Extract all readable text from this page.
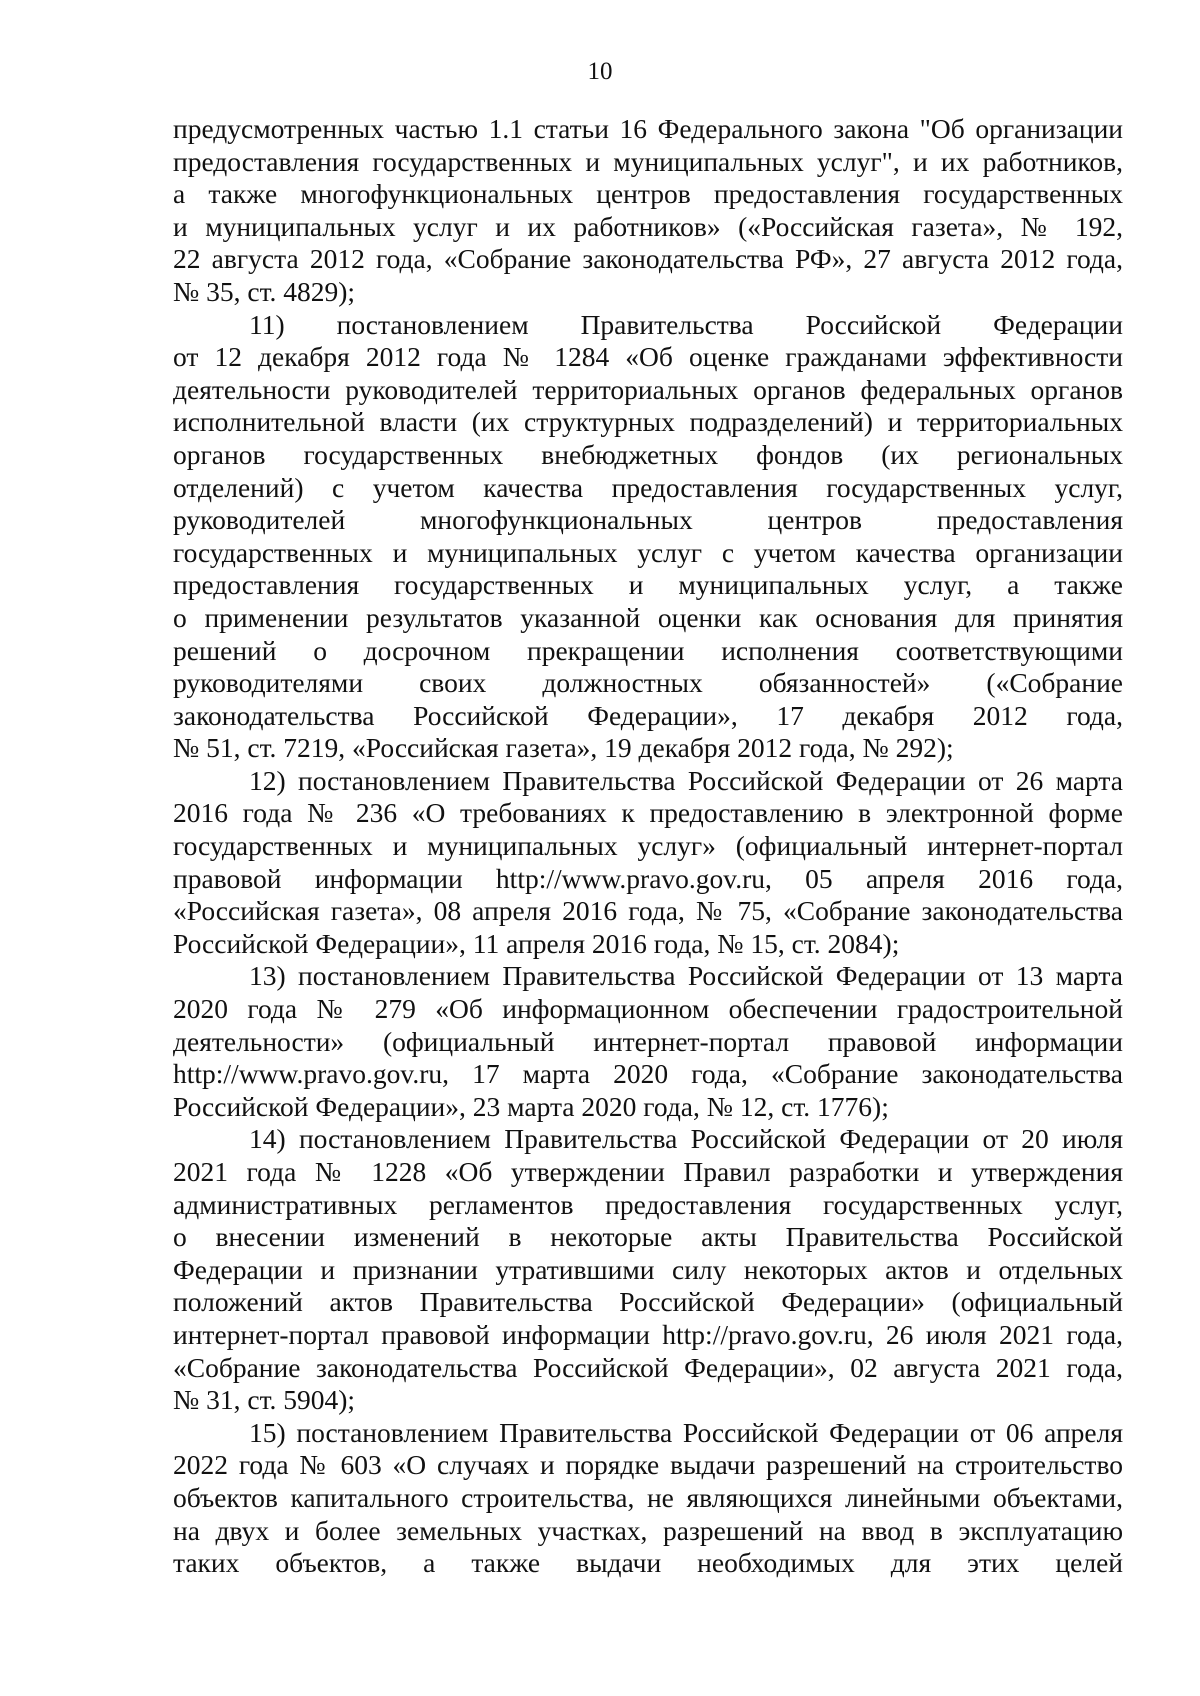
10
предусмотренных частью 1.1 статьи 16 Федерального закона "Об организации
предоставления государственных и муниципальных услуг", и их работников,
а также многофункциональных центров предоставления государственных
и муниципальных услуг и их работников» («Российская газета», № 192,
22 августа 2012 года, «Собрание законодательства РФ», 27 августа 2012 года,
№ 35, ст. 4829);
11) постановлением Правительства Российской Федерации
от 12 декабря 2012 года № 1284 «Об оценке гражданами эффективности
деятельности руководителей территориальных органов федеральных органов
исполнительной власти (их структурных подразделений) и территориальных
органов государственных внебюджетных фондов (их региональных
отделений) с учетом качества предоставления государственных услуг,
руководителей многофункциональных центров предоставления
государственных и муниципальных услуг с учетом качества организации
предоставления государственных и муниципальных услуг, а также
о применении результатов указанной оценки как основания для принятия
решений о досрочном прекращении исполнения соответствующими
руководителями своих должностных обязанностей» («Собрание
законодательства Российской Федерации», 17 декабря 2012 года,
№ 51, ст. 7219, «Российская газета», 19 декабря 2012 года, № 292);
12) постановлением Правительства Российской Федерации от 26 марта
2016 года № 236 «О требованиях к предоставлению в электронной форме
государственных и муниципальных услуг» (официальный интернет-портал
правовой информации http://www.pravo.gov.ru, 05 апреля 2016 года,
«Российская газета», 08 апреля 2016 года, № 75, «Собрание законодательства
Российской Федерации», 11 апреля 2016 года, № 15, ст. 2084);
13) постановлением Правительства Российской Федерации от 13 марта
2020 года № 279 «Об информационном обеспечении градостроительной
деятельности» (официальный интернет-портал правовой информации
http://www.pravo.gov.ru, 17 марта 2020 года, «Собрание законодательства
Российской Федерации», 23 марта 2020 года, № 12, ст. 1776);
14) постановлением Правительства Российской Федерации от 20 июля
2021 года № 1228 «Об утверждении Правил разработки и утверждения
административных регламентов предоставления государственных услуг,
о внесении изменений в некоторые акты Правительства Российской
Федерации и признании утратившими силу некоторых актов и отдельных
положений актов Правительства Российской Федерации» (официальный
интернет-портал правовой информации http://pravo.gov.ru, 26 июля 2021 года,
«Собрание законодательства Российской Федерации», 02 августа 2021 года,
№ 31, ст. 5904);
15) постановлением Правительства Российской Федерации от 06 апреля
2022 года № 603 «О случаях и порядке выдачи разрешений на строительство
объектов капитального строительства, не являющихся линейными объектами,
на двух и более земельных участках, разрешений на ввод в эксплуатацию
таких объектов, а также выдачи необходимых для этих целей
